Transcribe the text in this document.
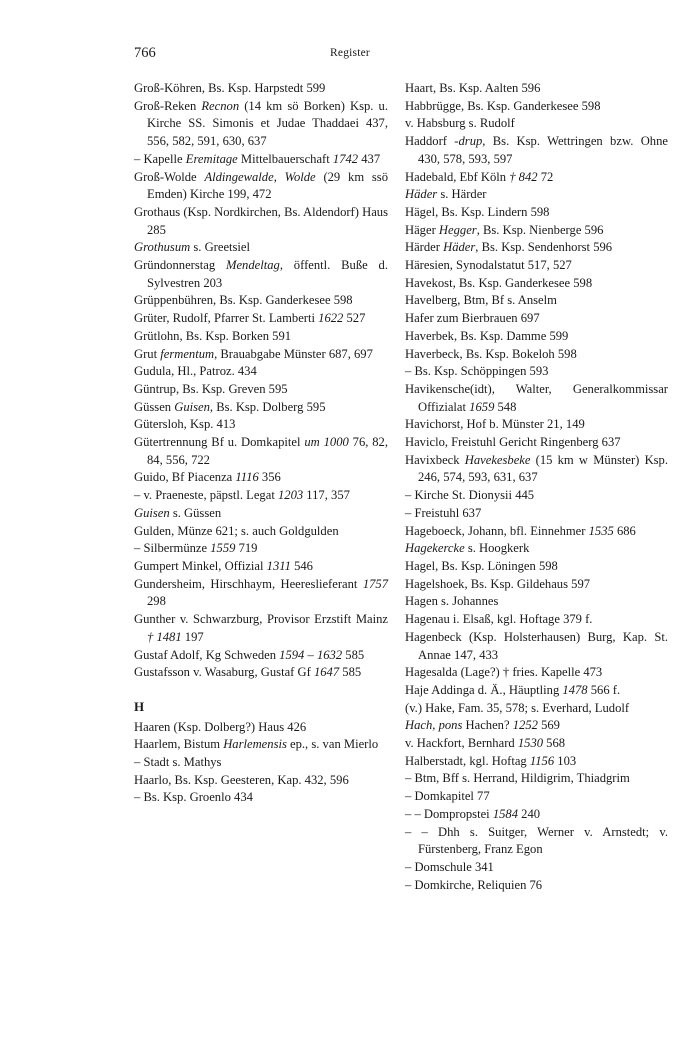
766	Register
Groß-Köhren, Bs. Ksp. Harpstedt 599
Groß-Reken Recnon (14 km sö Borken) Ksp. u. Kirche SS. Simonis et Judae Thaddaei 437, 556, 582, 591, 630, 637
– Kapelle Eremitage Mittelbauerschaft 1742 437
Groß-Wolde Aldingewalde, Wolde (29 km ssö Emden) Kirche 199, 472
Grothaus (Ksp. Nordkirchen, Bs. Aldendorf) Haus 285
Grothusum s. Greetsiel
Gründonnerstag Mendeltag, öffentl. Buße d. Sylvestren 203
Grüppenbühren, Bs. Ksp. Ganderkesee 598
Grüter, Rudolf, Pfarrer St. Lamberti 1622 527
Grütlohn, Bs. Ksp. Borken 591
Grut fermentum, Brauabgabe Münster 687, 697
Gudula, Hl., Patroz. 434
Güntrup, Bs. Ksp. Greven 595
Güssen Guisen, Bs. Ksp. Dolberg 595
Gütersloh, Ksp. 413
Gütertrennung Bf u. Domkapitel um 1000 76, 82, 84, 556, 722
Guido, Bf Piacenza 1116 356
– v. Praeneste, päpstl. Legat 1203 117, 357
Guisen s. Güssen
Gulden, Münze 621; s. auch Goldgulden
– Silbermünze 1559 719
Gumpert Minkel, Offizial 1311 546
Gundersheim, Hirschhaym, Heereslieferant 1757 298
Gunther v. Schwarzburg, Provisor Erzstift Mainz † 1481 197
Gustaf Adolf, Kg Schweden 1594 – 1632 585
Gustafsson v. Wasaburg, Gustaf Gf 1647 585
H
Haaren (Ksp. Dolberg?) Haus 426
Haarlem, Bistum Harlemensis ep., s. van Mierlo
– Stadt s. Mathys
Haarlo, Bs. Ksp. Geesteren, Kap. 432, 596
– Bs. Ksp. Groenlo 434
Haart, Bs. Ksp. Aalten 596
Habbrügge, Bs. Ksp. Ganderkesee 598
v. Habsburg s. Rudolf
Haddorf -drup, Bs. Ksp. Wettringen bzw. Ohne 430, 578, 593, 597
Hadebald, Ebf Köln † 842 72
Häder s. Härder
Hägel, Bs. Ksp. Lindern 598
Häger Hegger, Bs. Ksp. Nienberge 596
Härder Häder, Bs. Ksp. Sendenhorst 596
Häresien, Synodalstatut 517, 527
Havekost, Bs. Ksp. Ganderkesee 598
Havelberg, Btm, Bf s. Anselm
Hafer zum Bierbrauen 697
Haverbek, Bs. Ksp. Damme 599
Haverbeck, Bs. Ksp. Bokeloh 598
– Bs. Ksp. Schöppingen 593
Havikensche(idt), Walter, Generalkommissar Offizialat 1659 548
Havichorst, Hof b. Münster 21, 149
Haviclo, Freistuhl Gericht Ringenberg 637
Havixbeck Havekesbeke (15 km w Münster) Ksp. 246, 574, 593, 631, 637
– Kirche St. Dionysii 445
– Freistuhl 637
Hageboeck, Johann, bfl. Einnehmer 1535 686
Hagekercke s. Hoogkerk
Hagel, Bs. Ksp. Löningen 598
Hagelshoek, Bs. Ksp. Gildehaus 597
Hagen s. Johannes
Hagenau i. Elsaß, kgl. Hoftage 379 f.
Hagenbeck (Ksp. Holsterhausen) Burg, Kap. St. Annae 147, 433
Hagesalda (Lage?) † fries. Kapelle 473
Haje Addinga d. Ä., Häuptling 1478 566 f.
(v.) Hake, Fam. 35, 578; s. Everhard, Ludolf
Hach, pons Hachen? 1252 569
v. Hackfort, Bernhard 1530 568
Halberstadt, kgl. Hoftag 1156 103
– Btm, Bff s. Herrand, Hildigrim, Thiadgrim
– Domkapitel 77
– – Dompropstei 1584 240
– – Dhh s. Suitger, Werner v. Arnstedt; v. Fürstenberg, Franz Egon
– Domschule 341
– Domkirche, Reliquien 76
